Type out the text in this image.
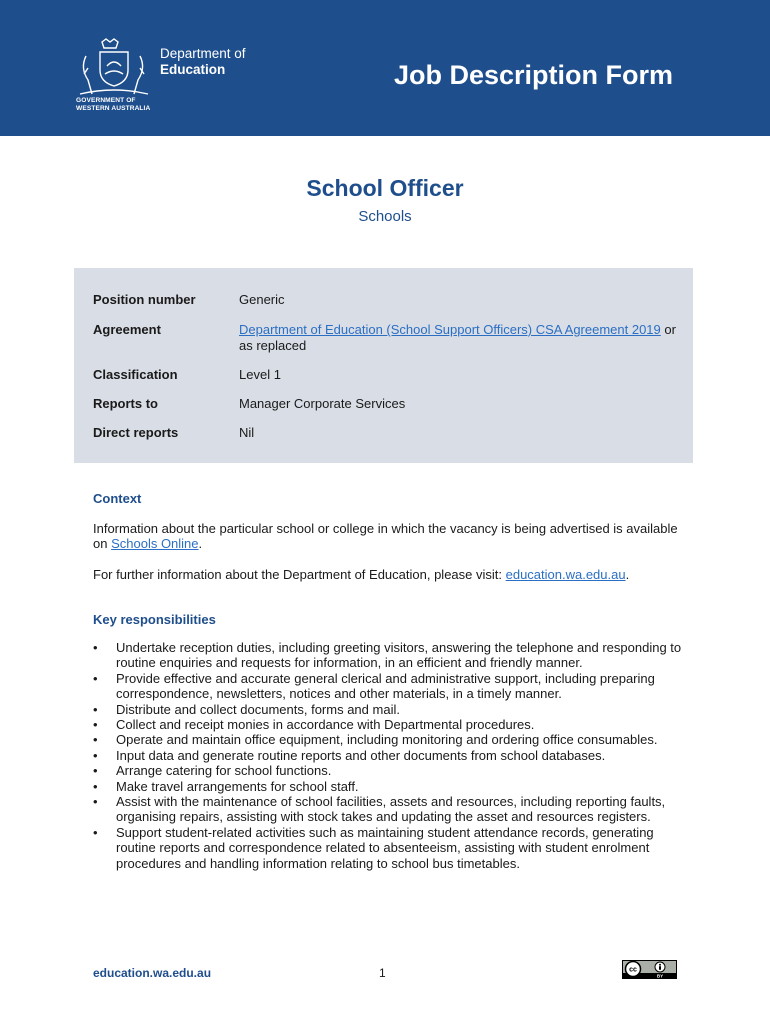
Department of
Education
GOVERNMENT OF
WESTERN AUSTRALIA
Job Description Form
School Officer
Schools
Position number	Generic
Agreement	Department of Education (School Support Officers) CSA Agreement 2019 or as replaced
Classification	Level 1
Reports to	Manager Corporate Services
Direct reports	Nil
Context
Information about the particular school or college in which the vacancy is being advertised is available on Schools Online.
For further information about the Department of Education, please visit: education.wa.edu.au.
Key responsibilities
• Undertake reception duties, including greeting visitors, answering the telephone and responding to routine enquiries and requests for information, in an efficient and friendly manner.
• Provide effective and accurate general clerical and administrative support, including preparing correspondence, newsletters, notices and other materials, in a timely manner.
• Distribute and collect documents, forms and mail.
• Collect and receipt monies in accordance with Departmental procedures.
• Operate and maintain office equipment, including monitoring and ordering office consumables.
• Input data and generate routine reports and other documents from school databases.
• Arrange catering for school functions.
• Make travel arrangements for school staff.
• Assist with the maintenance of school facilities, assets and resources, including reporting faults, organising repairs, assisting with stock takes and updating the asset and resources registers.
• Support student-related activities such as maintaining student attendance records, generating routine reports and correspondence related to absenteeism, assisting with student enrolment procedures and handling information relating to school bus timetables.
education.wa.edu.au	1	cc
BY
